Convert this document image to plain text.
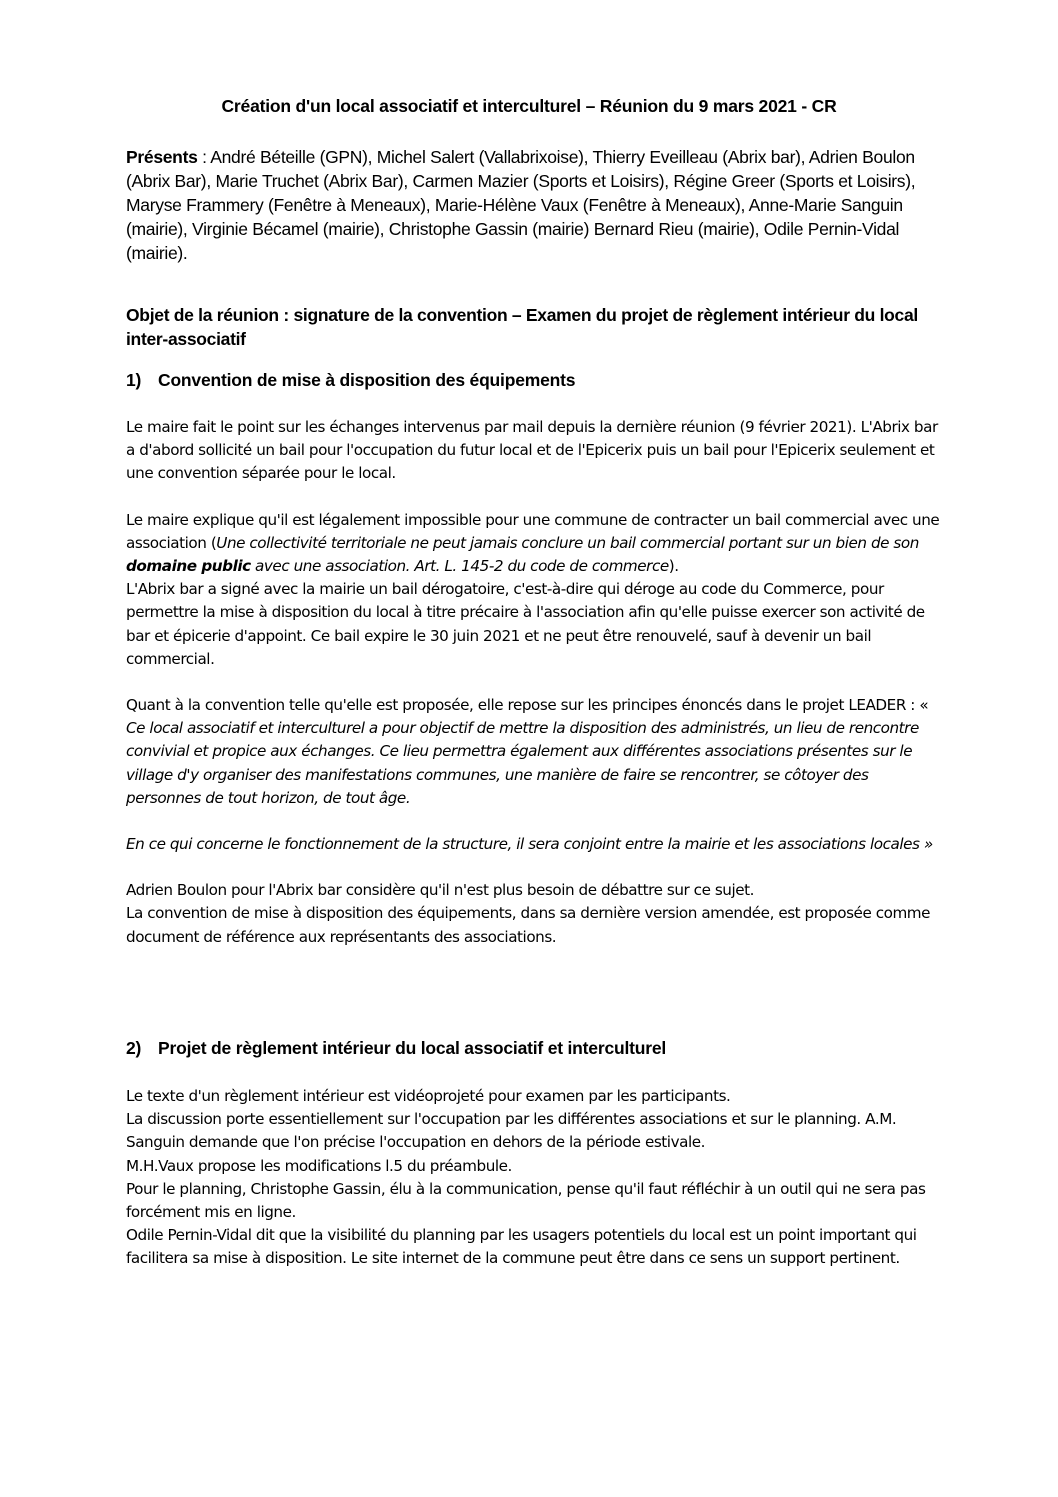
Création d'un local associatif et interculturel – Réunion du 9 mars 2021 - CR
Présents : André Béteille (GPN), Michel Salert (Vallabrixoise), Thierry Eveilleau (Abrix bar), Adrien Boulon (Abrix Bar), Marie Truchet (Abrix Bar), Carmen Mazier (Sports et Loisirs), Régine Greer (Sports et Loisirs), Maryse Frammery (Fenêtre à Meneaux), Marie-Hélène Vaux (Fenêtre à Meneaux), Anne-Marie Sanguin (mairie), Virginie Bécamel (mairie), Christophe Gassin (mairie) Bernard Rieu (mairie), Odile Pernin-Vidal (mairie).
Objet de la réunion : signature de la convention – Examen du projet de règlement intérieur du local inter-associatif
1) Convention de mise à disposition des équipements

Le maire fait le point sur les échanges intervenus par mail depuis la dernière réunion (9 février 2021). L'Abrix bar a d'abord sollicité un bail pour l'occupation du futur local et de l'Epicerix puis un bail pour l'Epicerix seulement et une convention séparée pour le local.

Le maire explique qu'il est légalement impossible pour une commune de contracter un bail commercial avec une association (Une collectivité territoriale ne peut jamais conclure un bail commercial portant sur un bien de son domaine public avec une association. Art. L. 145-2 du code de commerce).

L'Abrix bar a signé avec la mairie un bail dérogatoire, c'est-à-dire qui déroge au code du Commerce, pour permettre la mise à disposition du local à titre précaire à l'association afin qu'elle puisse exercer son activité de bar et épicerie d'appoint. Ce bail expire le 30 juin 2021 et ne peut être renouvelé, sauf à devenir un bail commercial.

Quant à la convention telle qu'elle est proposée, elle repose sur les principes énoncés dans le projet LEADER : « Ce local associatif et interculturel a pour objectif de mettre la disposition des administrés, un lieu de rencontre convivial et propice aux échanges. Ce lieu permettra également aux différentes associations présentes sur le village d'y organiser des manifestations communes, une manière de faire se rencontrer, se côtoyer des personnes de tout horizon, de tout âge.

En ce qui concerne le fonctionnement de la structure, il sera conjoint entre la mairie et les associations locales »

Adrien Boulon pour l'Abrix bar considère qu'il n'est plus besoin de débattre sur ce sujet.

La convention de mise à disposition des équipements, dans sa dernière version amendée, est proposée comme document de référence aux représentants des associations.

2) Projet de règlement intérieur du local associatif et interculturel

Le texte d'un règlement intérieur est vidéoprojeté pour examen par les participants.

La discussion porte essentiellement sur l'occupation par les différentes associations et sur le planning. A.M. Sanguin demande que l'on précise l'occupation en dehors de la période estivale.

M.H.Vaux propose les modifications l.5 du préambule.

Pour le planning, Christophe Gassin, élu à la communication, pense qu'il faut réfléchir à un outil qui ne sera pas forcément mis en ligne.

Odile Pernin-Vidal dit que la visibilité du planning par les usagers potentiels du local est un point important qui facilitera sa mise à disposition. Le site internet de la commune peut être dans ce sens un support pertinent.
